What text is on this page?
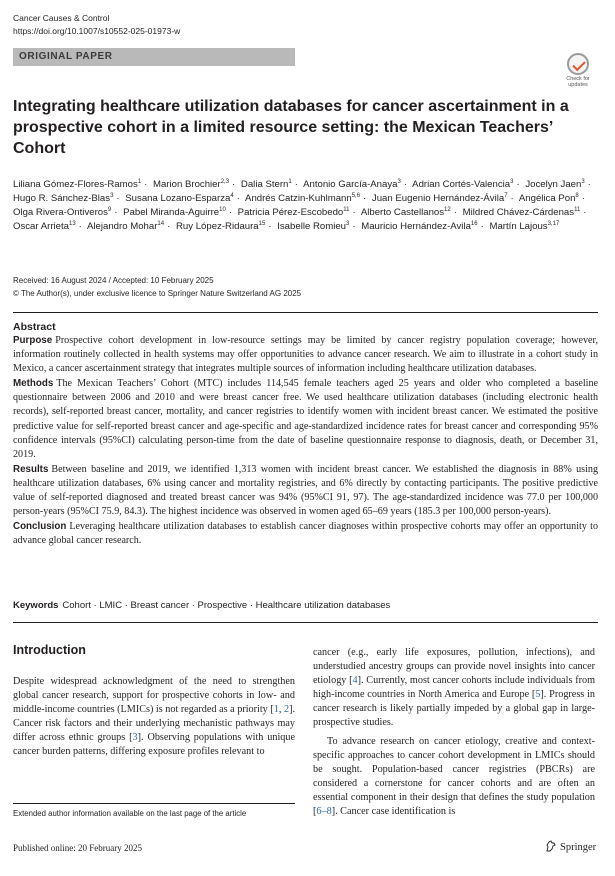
Cancer Causes & Control
https://doi.org/10.1007/s10552-025-01973-w
ORIGINAL PAPER
Check for
updates
Integrating healthcare utilization databases for cancer ascertainment in a prospective cohort in a limited resource setting: the Mexican Teachers’ Cohort
Liliana Gómez-Flores-Ramos$^1$ · Marion Brochier$^{2,3}$ · Dalia Stern$^1$ · Antonio García-Anaya$^3$ · Adrian Cortés-Valencia$^3$ · Jocelyn Jaen$^3$ · Hugo R. Sánchez-Blas$^3$ · Susana Lozano-Esparza$^4$ · Andrés Catzin-Kuhlmann$^{5,6}$ · Juan Eugenio Hernández-Ávila$^7$ · Angélica Pon$^8$ · Olga Rivera-Ontiveros$^9$ · Pabel Miranda-Aguirre$^{10}$ · Patricia Pérez-Escobedo$^{11}$ · Alberto Castellanos$^{12}$ · Mildred Chávez-Cárdenas$^{11}$ · Oscar Arrieta$^{13}$ · Alejandro Mohar$^{14}$ · Ruy López-Ridaura$^{15}$ · Isabelle Romieu$^3$ · Mauricio Hernández-Avila$^{16}$ · Martín Lajous$^{3,17}$
Received: 16 August 2024 / Accepted: 10 February 2025
© The Author(s), under exclusive licence to Springer Nature Switzerland AG 2025
Abstract

Purpose Prospective cohort development in low-resource settings may be limited by cancer registry population coverage; however, information routinely collected in health systems may offer opportunities to advance cancer research. We aim to illustrate in a cohort study in Mexico, a cancer ascertainment strategy that integrates multiple sources of information including healthcare utilization databases.

Methods The Mexican Teachers’ Cohort (MTC) includes 114,545 female teachers aged 25 years and older who completed a baseline questionnaire between 2006 and 2010 and were breast cancer free. We used healthcare utilization databases (including electronic health records), self-reported breast cancer, mortality, and cancer registries to identify women with incident breast cancer. We estimated the positive predictive value for self-reported breast cancer and age-specific and age-standardized incidence rates for breast cancer and corresponding 95% confidence intervals (95%CI) calculating person-time from the date of baseline questionnaire response to diagnosis, death, or December 31, 2019.

Results Between baseline and 2019, we identified 1,313 women with incident breast cancer. We established the diagnosis in 88% using healthcare utilization databases, 6% using cancer and mortality registries, and 6% directly by contacting participants. The positive predictive value of self-reported diagnosed and treated breast cancer was 94% (95%CI 91, 97). The age-standardized incidence was 77.0 per 100,000 person-years (95%CI 75.9, 84.3). The highest incidence was observed in women aged 65–69 years (185.3 per 100,000 person-years).

Conclusion Leveraging healthcare utilization databases to establish cancer diagnoses within prospective cohorts may offer an opportunity to advance global cancer research.

Keywords Cohort · LMIC · Breast cancer · Prospective · Healthcare utilization databases
Introduction

Despite widespread acknowledgment of the need to strengthen global cancer research, support for prospective cohorts in low- and middle-income countries (LMICs) is not regarded as a priority [1, 2]. Cancer risk factors and their underlying mechanistic pathways may differ across ethnic groups [3]. Observing populations with unique cancer burden patterns, differing exposure profiles relevant to

cancer (e.g., early life exposures, pollution, infections), and understudied ancestry groups can provide novel insights into cancer etiology [4]. Currently, most cancer cohorts include individuals from high-income countries in North America and Europe [5]. Progress in cancer research is likely partially impeded by a global gap in large-prospective studies.

To advance research on cancer etiology, creative and context-specific approaches to cancer cohort development in LMICs should be sought. Population-based cancer registries (PBCRs) are considered a cornerstone for cancer cohorts and are often an essential component in their design that defines the study population [6–8]. Cancer case identification is

Extended author information available on the last page of the article
Published online: 20 February 2025	Springer
